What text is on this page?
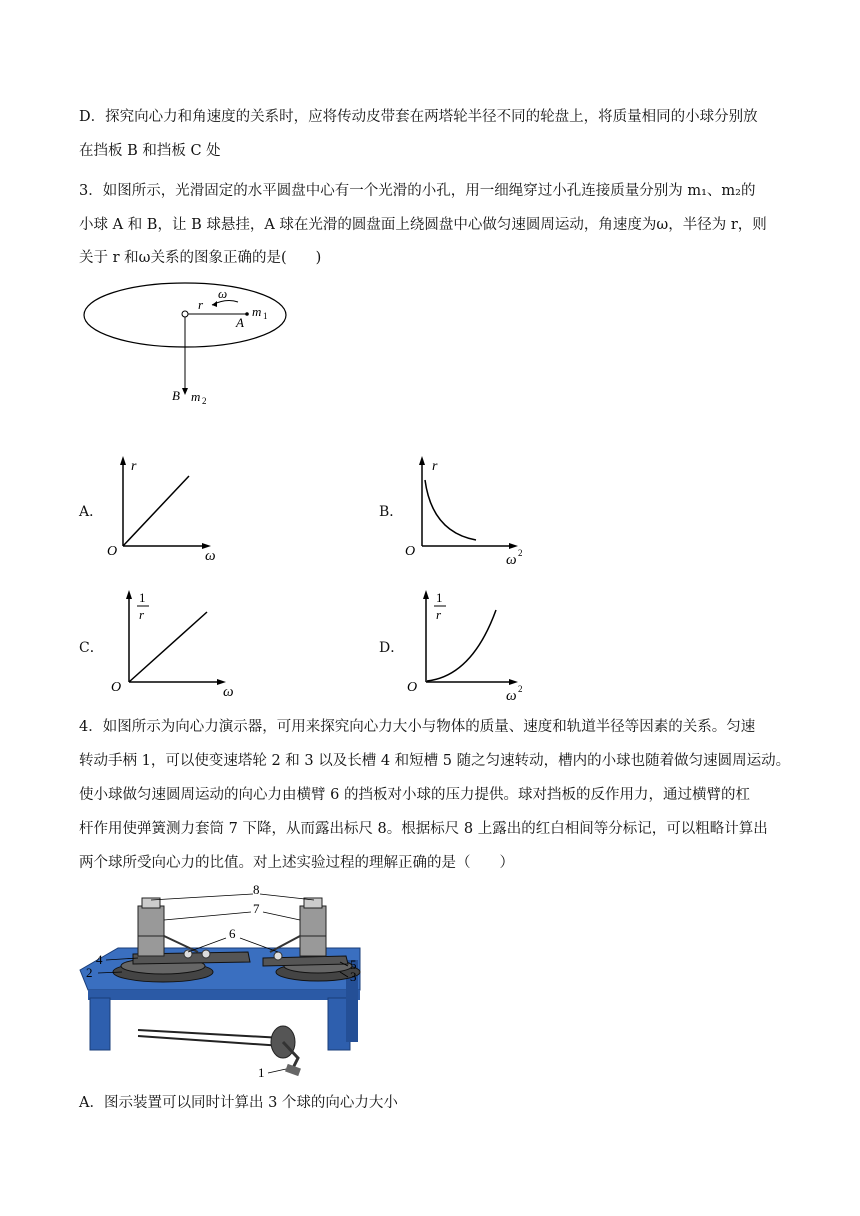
D．探究向心力和角速度的关系时，应将传动皮带套在两塔轮半径不同的轮盘上，将质量相同的小球分别放
在挡板 B 和挡板 C 处
3．如图所示，光滑固定的水平圆盘中心有一个光滑的小孔，用一细绳穿过小孔连接质量分别为 m₁、m₂的
小球 A 和 B，让 B 球悬挂，A 球在光滑的圆盘面上绕圆盘中心做匀速圆周运动，角速度为ω，半径为 r，则
关于 r 和ω关系的图象正确的是(　　)
r
ω
A
m 1
B m 2
A．
r
O	ω
B．
r
O
ω 2
C．
1
r
O	ω
D．
1
r
O
ω 2
4．如图所示为向心力演示器，可用来探究向心力大小与物体的质量、速度和轨道半径等因素的关系。匀速
转动手柄 1，可以使变速塔轮 2 和 3 以及长槽 4 和短槽 5 随之匀速转动，槽内的小球也随着做匀速圆周运动。
使小球做匀速圆周运动的向心力由横臂 6 的挡板对小球的压力提供。球对挡板的反作用力，通过横臂的杠
杆作用使弹簧测力套筒 7 下降，从而露出标尺 8。根据标尺 8 上露出的红白相间等分标记，可以粗略计算出
两个球所受向心力的比值。对上述实验过程的理解正确的是（　　）
8
7
6
4
2
5
3
1
A．图示装置可以同时计算出 3 个球的向心力大小
